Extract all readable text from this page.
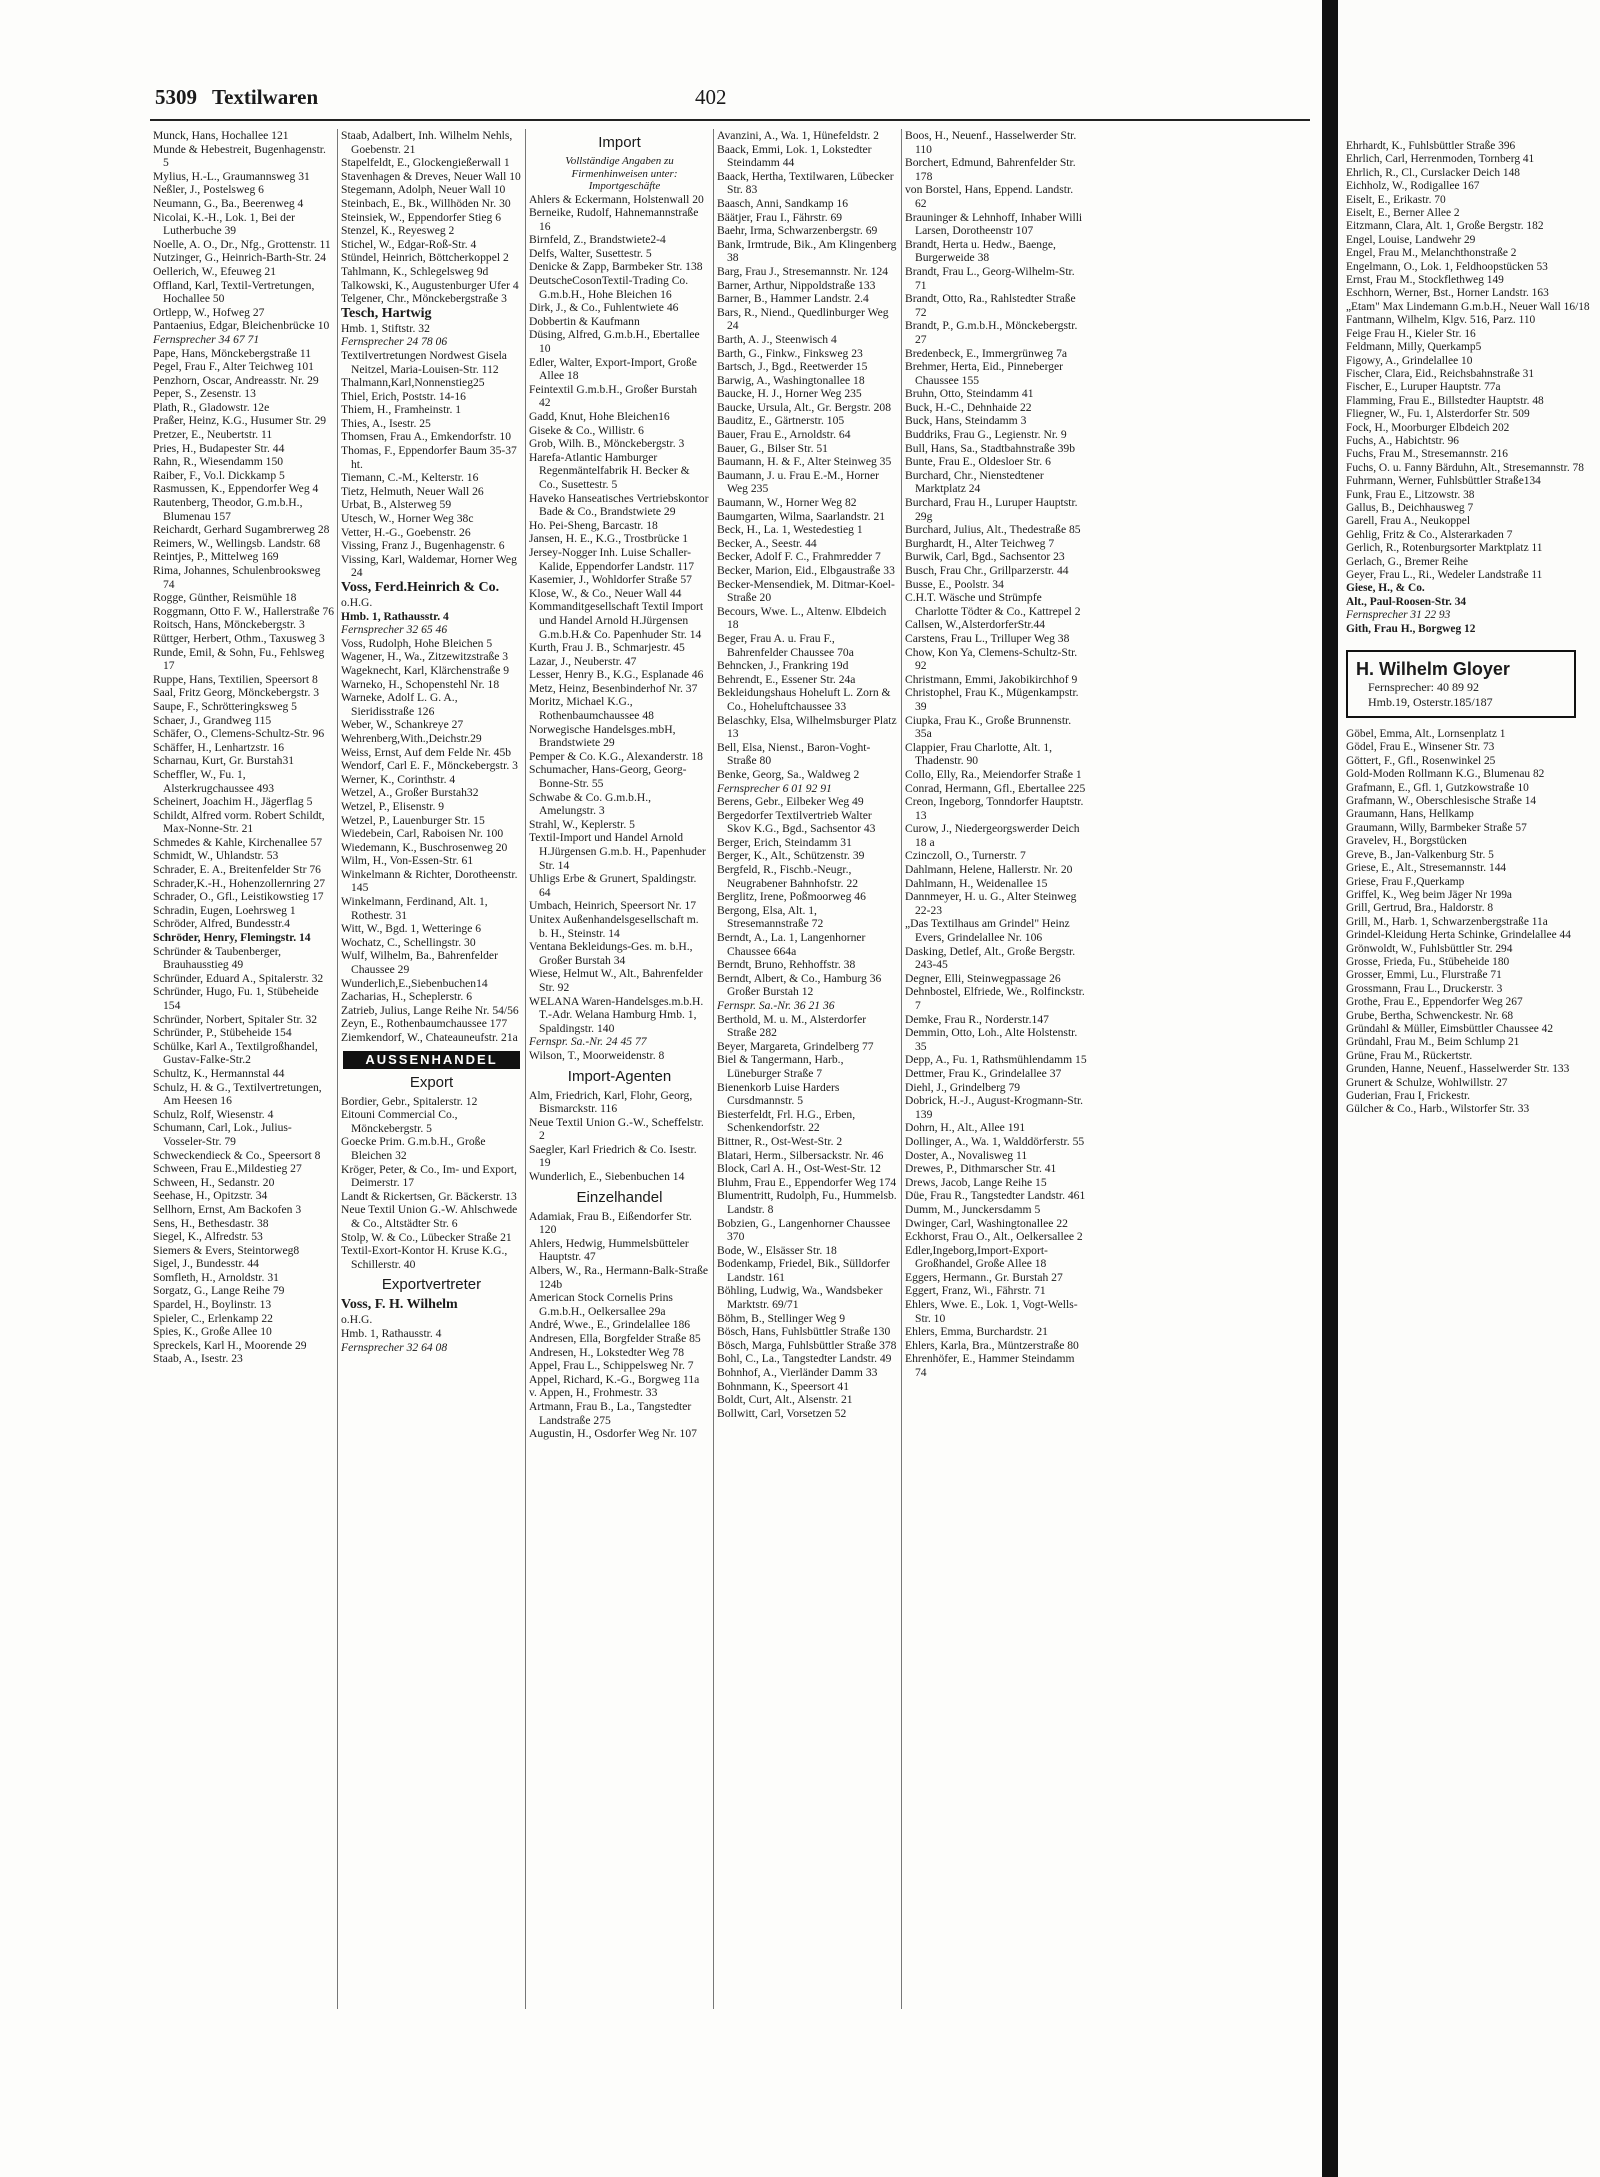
5309 Textilwaren	402

Munck, Hans, Hochallee 121

Munde & Hebestreit, Bugenhagenstr. 5

Mylius, H.-L., Graumannsweg 31

Neßler, J., Postelsweg 6

Neumann, G., Ba., Beerenweg 4

Nicolai, K.-H., Lok. 1, Bei der Lutherbuche 39

Noelle, A. O., Dr., Nfg., Grottenstr. 11

Nutzinger, G., Heinrich-Barth-Str. 24

Oellerich, W., Efeuweg 21

Offland, Karl, Textil-Vertretungen, Hochallee 50

Ortlepp, W., Hofweg 27

Pantaenius, Edgar, Bleichenbrücke 10

Fernsprecher 34 67 71

Pape, Hans, Mönckebergstraße 11

Pegel, Frau F., Alter Teichweg 101

Penzhorn, Oscar, Andreasstr. Nr. 29

Peper, S., Zesenstr. 13

Plath, R., Gladowstr. 12e

Praßer, Heinz, K.G., Husumer Str. 29

Pretzer, E., Neubertstr. 11

Pries, H., Budapester Str. 44

Rahn, R., Wiesendamm 150

Raiber, F., Vo.l. Dickkamp 5

Rasmussen, K., Eppendorfer Weg 4

Rautenberg, Theodor, G.m.b.H., Blumenau 157

Reichardt, Gerhard Sugambrerweg 28

Reimers, W., Wellingsb. Landstr. 68

Reintjes, P., Mittelweg 169

Rima, Johannes, Schulenbrooksweg 74

Rogge, Günther, Reismühle 18

Roggmann, Otto F. W., Hallerstraße 76

Roitsch, Hans, Mönckebergstr. 3

Rüttger, Herbert, Othm., Taxusweg 3

Runde, Emil, & Sohn, Fu., Fehlsweg 17

Ruppe, Hans, Textilien, Speersort 8

Saal, Fritz Georg, Mönckebergstr. 3

Saupe, F., Schrötteringksweg 5

Schaer, J., Grandweg 115

Schäfer, O., Clemens-Schultz-Str. 96

Schäffer, H., Lenhartzstr. 16

Scharnau, Kurt, Gr. Burstah31

Scheffler, W., Fu. 1, Alsterkrugchaussee 493

Scheinert, Joachim H., Jägerflag 5

Schildt, Alfred vorm. Robert Schildt, Max-Nonne-Str. 21

Schmedes & Kahle, Kirchenallee 57

Schmidt, W., Uhlandstr. 53

Schrader, E. A., Breitenfelder Str 76

Schrader,K.-H., Hohenzollernring 27

Schrader, O., Gfl., Leistikowstieg 17

Schradin, Eugen, Loehrsweg 1

Schröder, Alfred, Bundesstr.4

Schröder, Henry, Flemingstr. 14

Schründer & Taubenberger, Brauhausstieg 49

Schründer, Eduard A., Spitalerstr. 32

Schründer, Hugo, Fu. 1, Stübeheide 154

Schründer, Norbert, Spitaler Str. 32

Schründer, P., Stübeheide 154

Schülke, Karl A., Textilgroßhandel, Gustav-Falke-Str.2

Schultz, K., Hermannstal 44

Schulz, H. & G., Textilvertretungen, Am Heesen 16

Schulz, Rolf, Wiesenstr. 4

Schumann, Carl, Lok., Julius-Vosseler-Str. 79

Schweckendieck & Co., Speersort 8

Schween, Frau E.,Mildestieg 27

Schween, H., Sedanstr. 20

Seehase, H., Opitzstr. 34

Sellhorn, Ernst, Am Backofen 3

Sens, H., Bethesdastr. 38

Siegel, K., Alfredstr. 53

Siemers & Evers, Steintorweg8

Sigel, J., Bundesstr. 44

Somfleth, H., Arnoldstr. 31

Sorgatz, G., Lange Reihe 79

Spardel, H., Boylinstr. 13

Spieler, C., Erlenkamp 22

Spies, K., Große Allee 10

Spreckels, Karl H., Moorende 29

Staab, A., Isestr. 23

Staab, Adalbert, Inh. Wilhelm Nehls, Goebenstr. 21

Stapelfeldt, E., Glockengießerwall 1

Stavenhagen & Dreves, Neuer Wall 10

Stegemann, Adolph, Neuer Wall 10

Steinbach, E., Bk., Willhöden Nr. 30

Steinsiek, W., Eppendorfer Stieg 6

Stenzel, K., Reyesweg 2

Stichel, W., Edgar-Roß-Str. 4

Stündel, Heinrich, Böttcherkoppel 2

Tahlmann, K., Schlegelsweg 9d

Talkowski, K., Augustenburger Ufer 4

Telgener, Chr., Mönckebergstraße 3

Tesch, Hartwig

Hmb. 1, Stiftstr. 32

Fernsprecher 24 78 06

Textilvertretungen Nordwest Gisela Neitzel, Maria-Louisen-Str. 112

Thalmann,Karl,Nonnenstieg25

Thiel, Erich, Poststr. 14-16

Thiem, H., Framheinstr. 1

Thies, A., Isestr. 25

Thomsen, Frau A., Emkendorfstr. 10

Thomas, F., Eppendorfer Baum 35-37 ht.

Tiemann, C.-M., Kelterstr. 16

Tietz, Helmuth, Neuer Wall 26

Urbat, B., Alsterweg 59

Utesch, W., Horner Weg 38c

Vetter, H.-G., Goebenstr. 26

Vissing, Franz J., Bugenhagenstr. 6

Vissing, Karl, Waldemar, Horner Weg 24

Voss, Ferd.Heinrich & Co.

o.H.G.

Hmb. 1, Rathausstr. 4

Fernsprecher 32 65 46

Voss, Rudolph, Hohe Bleichen 5

Wagener, H., Wa., Zitzewitzstraße 3

Wageknecht, Karl, Klärchenstraße 9

Warneko, H., Schopenstehl Nr. 18

Warneke, Adolf L. G. A., Sieridisstraße 126

Weber, W., Schankreye 27

Wehrenberg,With.,Deichstr.29

Weiss, Ernst, Auf dem Felde Nr. 45b

Wendorf, Carl E. F., Mönckebergstr. 3

Werner, K., Corinthstr. 4

Wetzel, A., Großer Burstah32

Wetzel, P., Elisenstr. 9

Wetzel, P., Lauenburger Str. 15

Wiedebein, Carl, Raboisen Nr. 100

Wiedemann, K., Buschrosenweg 20

Wilm, H., Von-Essen-Str. 61

Winkelmann & Richter, Dorotheenstr. 145

Winkelmann, Ferdinand, Alt. 1, Rothestr. 31

Witt, W., Bgd. 1, Wetteringe 6

Wochatz, C., Schellingstr. 30

Wulf, Wilhelm, Ba., Bahrenfelder Chaussee 29

Wunderlich,E.,Siebenbuchen14

Zacharias, H., Scheplerstr. 6

Zatrieb, Julius, Lange Reihe Nr. 54/56

Zeyn, E., Rothenbaumchaussee 177

Ziemkendorf, W., Chateauneufstr. 21a

AUSSENHANDEL

Export

Bordier, Gebr., Spitalerstr. 12

Eitouni Commercial Co., Mönckebergstr. 5

Goecke Prim. G.m.b.H., Große Bleichen 32

Kröger, Peter, & Co., Im- und Export, Deimerstr. 17

Landt & Rickertsen, Gr. Bäckerstr. 13

Neue Textil Union G.-W. Ahlschwede & Co., Altstädter Str. 6

Stolp, W. & Co., Lübecker Straße 21

Textil-Exort-Kontor H. Kruse K.G., Schillerstr. 40

Exportvertreter

Voss, F. H. Wilhelm

o.H.G.

Hmb. 1, Rathausstr. 4

Fernsprecher 32 64 08

Import

Vollständige Angaben zu Firmenhinweisen unter: Importgeschäfte

Ahlers & Eckermann, Holstenwall 20

Berneike, Rudolf, Hahnemannstraße 16

Birnfeld, Z., Brandstwiete2-4

Delfs, Walter, Susettestr. 5

Denicke & Zapp, Barmbeker Str. 138

DeutscheCosonTextil-Trading Co. G.m.b.H., Hohe Bleichen 16

Dirk, J., & Co., Fuhlentwiete 46

Dobbertin & Kaufmann

Düsing, Alfred, G.m.b.H., Ebertallee 10

Edler, Walter, Export-Import, Große Allee 18

Feintextil G.m.b.H., Großer Burstah 42

Gadd, Knut, Hohe Bleichen16

Giseke & Co., Willistr. 6

Grob, Wilh. B., Mönckebergstr. 3

Harefa-Atlantic Hamburger Regenmäntelfabrik H. Becker & Co., Susettestr. 5

Haveko Hanseatisches Vertriebskontor Bade & Co., Brandstwiete 29

Ho. Pei-Sheng, Barcastr. 18

Jansen, H. E., K.G., Trostbrücke 1

Jersey-Nogger Inh. Luise Schaller-Kalide, Eppendorfer Landstr. 117

Kasemier, J., Wohldorfer Straße 57

Klose, W., & Co., Neuer Wall 44

Kommanditgesellschaft Textil Import und Handel Arnold H.Jürgensen G.m.b.H.& Co. Papenhuder Str. 14

Kurth, Frau J. B., Schmarjestr. 45

Lazar, J., Neuberstr. 47

Lesser, Henry B., K.G., Esplanade 46

Metz, Heinz, Besenbinderhof Nr. 37

Moritz, Michael K.G., Rothenbaumchaussee 48

Norwegische Handelsges.mbH, Brandstwiete 29

Pemper & Co. K.G., Alexanderstr. 18

Schumacher, Hans-Georg, Georg-Bonne-Str. 55

Schwabe & Co. G.m.b.H., Amelungstr. 3

Strahl, W., Keplerstr. 5

Textil-Import und Handel Arnold H.Jürgensen G.m.b. H., Papenhuder Str. 14

Uhligs Erbe & Grunert, Spaldingstr. 64

Umbach, Heinrich, Speersort Nr. 17

Unitex Außenhandelsgesellschaft m. b. H., Steinstr. 14

Ventana Bekleidungs-Ges. m. b.H., Großer Burstah 34

Wiese, Helmut W., Alt., Bahrenfelder Str. 92

WELANA Waren-Handelsges.m.b.H. T.-Adr. Welana Hamburg Hmb. 1, Spaldingstr. 140

Fernspr. Sa.-Nr. 24 45 77

Wilson, T., Moorweidenstr. 8

Import-Agenten

Alm, Friedrich, Karl, Flohr, Georg, Bismarckstr. 116

Neue Textil Union G.-W., Scheffelstr. 2

Saegler, Karl Friedrich & Co. Isestr. 19

Wunderlich, E., Siebenbuchen 14

Einzelhandel

Adamiak, Frau B., Eißendorfer Str. 120

Ahlers, Hedwig, Hummelsbütteler Hauptstr. 47

Albers, W., Ra., Hermann-Balk-Straße 124b

American Stock Cornelis Prins G.m.b.H., Oelkersallee 29a

André, Wwe., E., Grindelallee 186

Andresen, Ella, Borgfelder Straße 85

Andresen, H., Lokstedter Weg 78

Appel, Frau L., Schippelsweg Nr. 7

Appel, Richard, K.-G., Borgweg 11a

v. Appen, H., Frohmestr. 33

Artmann, Frau B., La., Tangstedter Landstraße 275

Augustin, H., Osdorfer Weg Nr. 107

Avanzini, A., Wa. 1, Hünefeldstr. 2

Baack, Emmi, Lok. 1, Lokstedter Steindamm 44

Baack, Hertha, Textilwaren, Lübecker Str. 83

Baasch, Anni, Sandkamp 16

Bäätjer, Frau I., Fährstr. 69

Baehr, Irma, Schwarzenbergstr. 69

Bank, Irmtrude, Bik., Am Klingenberg 38

Barg, Frau J., Stresemannstr. Nr. 124

Barner, Arthur, Nippoldstraße 133

Barner, B., Hammer Landstr. 2.4

Bars, R., Niend., Quedlinburger Weg 24

Barth, A. J., Steenwisch 4

Barth, G., Finkw., Finksweg 23

Bartsch, J., Bgd., Reetwerder 15

Barwig, A., Washingtonallee 18

Baucke, H. J., Horner Weg 235

Baucke, Ursula, Alt., Gr. Bergstr. 208

Bauditz, E., Gärtnerstr. 105

Bauer, Frau E., Arnoldstr. 64

Bauer, G., Bilser Str. 51

Baumann, H. & F., Alter Steinweg 35

Baumann, J. u. Frau E.-M., Horner Weg 235

Baumann, W., Horner Weg 82

Baumgarten, Wilma, Saarlandstr. 21

Beck, H., La. 1, Westedestieg 1

Becker, A., Seestr. 44

Becker, Adolf F. C., Frahmredder 7

Becker, Marion, Eid., Elbgaustraße 33

Becker-Mensendiek, M. Ditmar-Koel-Straße 20

Becours, Wwe. L., Altenw. Elbdeich 18

Beger, Frau A. u. Frau F., Bahrenfelder Chaussee 70a

Behncken, J., Frankring 19d

Behrendt, E., Essener Str. 24a

Bekleidungshaus Hoheluft L. Zorn & Co., Hoheluftchaussee 33

Belaschky, Elsa, Wilhelmsburger Platz 13

Bell, Elsa, Nienst., Baron-Voght-Straße 80

Benke, Georg, Sa., Waldweg 2

Fernsprecher 6 01 92 91

Berens, Gebr., Eilbeker Weg 49

Bergedorfer Textilvertrieb Walter Skov K.G., Bgd., Sachsentor 43

Berger, Erich, Steindamm 31

Berger, K., Alt., Schützenstr. 39

Bergfeld, R., Fischb.-Neugr., Neugrabener Bahnhofstr. 22

Berglitz, Irene, Poßmoorweg 46

Bergong, Elsa, Alt. 1, Stresemannstraße 72

Berndt, A., La. 1, Langenhorner Chaussee 664a

Berndt, Bruno, Rehhoffstr. 38

Berndt, Albert, & Co., Hamburg 36 Großer Burstah 12

Fernspr. Sa.-Nr. 36 21 36

Berthold, M. u. M., Alsterdorfer Straße 282

Beyer, Margareta, Grindelberg 77

Biel & Tangermann, Harb., Lüneburger Straße 7

Bienenkorb Luise Harders Cursdmannstr. 5

Biesterfeldt, Frl. H.G., Erben, Schenkendorfstr. 22

Bittner, R., Ost-West-Str. 2

Blatari, Herm., Silbersackstr. Nr. 46

Block, Carl A. H., Ost-West-Str. 12

Bluhm, Frau E., Eppendorfer Weg 174

Blumentritt, Rudolph, Fu., Hummelsb. Landstr. 8

Bobzien, G., Langenhorner Chaussee 370

Bode, W., Elsässer Str. 18

Bodenkamp, Friedel, Bik., Sülldorfer Landstr. 161

Böhling, Ludwig, Wa., Wandsbeker Marktstr. 69/71

Böhm, B., Stellinger Weg 9

Bösch, Hans, Fuhlsbüttler Straße 130

Bösch, Marga, Fuhlsbüttler Straße 378

Bohl, C., La., Tangstedter Landstr. 49

Bohnhof, A., Vierländer Damm 33

Bohnmann, K., Speersort 41

Boldt, Curt, Alt., Alsenstr. 21

Bollwitt, Carl, Vorsetzen 52

Boos, H., Neuenf., Hasselwerder Str. 110

Borchert, Edmund, Bahrenfelder Str. 178

von Borstel, Hans, Eppend. Landstr. 62

Brauninger & Lehnhoff, Inhaber Willi Larsen, Dorotheenstr 107

Brandt, Herta u. Hedw., Baenge, Burgerweide 38

Brandt, Frau L., Georg-Wilhelm-Str. 71

Brandt, Otto, Ra., Rahlstedter Straße 72

Brandt, P., G.m.b.H., Mönckebergstr. 27

Bredenbeck, E., Immergrünweg 7a

Brehmer, Herta, Eid., Pinneberger Chaussee 155

Bruhn, Otto, Steindamm 41

Buck, H.-C., Dehnhaide 22

Buck, Hans, Steindamm 3

Buddriks, Frau G., Legienstr. Nr. 9

Bull, Hans, Sa., Stadtbahnstraße 39b

Bunte, Frau E., Oldesloer Str. 6

Burchard, Chr., Nienstedtener Marktplatz 24

Burchard, Frau H., Luruper Hauptstr. 29g

Burchard, Julius, Alt., Thedestraße 85

Burghardt, H., Alter Teichweg 7

Burwik, Carl, Bgd., Sachsentor 23

Busch, Frau Chr., Grillparzerstr. 44

Busse, E., Poolstr. 34

C.H.T. Wäsche und Strümpfe Charlotte Tödter & Co., Kattrepel 2

Callsen, W.,AlsterdorferStr.44

Carstens, Frau L., Trilluper Weg 38

Chow, Kon Ya, Clemens-Schultz-Str. 92

Christmann, Emmi, Jakobikirchhof 9

Christophel, Frau K., Mügenkampstr. 39

Ciupka, Frau K., Große Brunnenstr. 35a

Clappier, Frau Charlotte, Alt. 1, Thadenstr. 90

Collo, Elly, Ra., Meiendorfer Straße 1

Conrad, Hermann, Gfl., Ebertallee 225

Creon, Ingeborg, Tonndorfer Hauptstr. 13

Curow, J., Niedergeorgswerder Deich 18 a

Czinczoll, O., Turnerstr. 7

Dahlmann, Helene, Hallerstr. Nr. 20

Dahlmann, H., Weidenallee 15

Dannmeyer, H. u. G., Alter Steinweg 22-23

„Das Textilhaus am Grindel" Heinz Evers, Grindelallee Nr. 106

Dasking, Detlef, Alt., Große Bergstr. 243-45

Degner, Elli, Steinwegpassage 26

Dehnbostel, Elfriede, We., Rolfinckstr. 7

Demke, Frau R., Norderstr.147

Demmin, Otto, Loh., Alte Holstenstr. 35

Depp, A., Fu. 1, Rathsmühlendamm 15

Dettmer, Frau K., Grindelallee 37

Diehl, J., Grindelberg 79

Dobrick, H.-J., August-Krogmann-Str. 139

Dohrn, H., Alt., Allee 191

Dollinger, A., Wa. 1, Walddörferstr. 55

Doster, A., Novalisweg 11

Drewes, P., Dithmarscher Str. 41

Drews, Jacob, Lange Reihe 15

Düe, Frau R., Tangstedter Landstr. 461

Dumm, M., Junckersdamm 5

Dwinger, Carl, Washingtonallee 22

Eckhorst, Frau O., Alt., Oelkersallee 2

Edler,Ingeborg,Import-Export-Großhandel, Große Allee 18

Eggers, Hermann., Gr. Burstah 27

Eggert, Franz, Wi., Fährstr. 71

Ehlers, Wwe. E., Lok. 1, Vogt-Wells-Str. 10

Ehlers, Emma, Burchardstr. 21

Ehlers, Karla, Bra., Müntzerstraße 80

Ehrenhöfer, E., Hammer Steindamm 74

Ehrhardt, K., Fuhlsbüttler Straße 396

Ehrlich, Carl, Herrenmoden, Tornberg 41

Ehrlich, R., Cl., Curslacker Deich 148

Eichholz, W., Rodigallee 167

Eiselt, E., Erikastr. 70

Eiselt, E., Berner Allee 2

Eitzmann, Clara, Alt. 1, Große Bergstr. 182

Engel, Louise, Landwehr 29

Engel, Frau M., Melanchthonstraße 2

Engelmann, O., Lok. 1, Feldhoopstücken 53

Ernst, Frau M., Stockflethweg 149

Eschhorn, Werner, Bst., Horner Landstr. 163

„Etam" Max Lindemann G.m.b.H., Neuer Wall 16/18

Fantmann, Wilhelm, Klgv. 516, Parz. 110

Feige Frau H., Kieler Str. 16

Feldmann, Milly, Querkamp5

Figowy, A., Grindelallee 10

Fischer, Clara, Eid., Reichsbahnstraße 31

Fischer, E., Luruper Hauptstr. 77a

Flamming, Frau E., Billstedter Hauptstr. 48

Fliegner, W., Fu. 1, Alsterdorfer Str. 509

Fock, H., Moorburger Elbdeich 202

Fuchs, A., Habichtstr. 96

Fuchs, Frau M., Stresemannstr. 216

Fuchs, O. u. Fanny Bärduhn, Alt., Stresemannstr. 78

Fuhrmann, Werner, Fuhlsbüttler Straße134

Funk, Frau E., Litzowstr. 38

Gallus, B., Deichhausweg 7

Garell, Frau A., Neukoppel

Gehlig, Fritz & Co., Alsterarkaden 7

Gerlich, R., Rotenburgsorter Marktplatz 11

Gerlach, G., Bremer Reihe

Geyer, Frau L., Ri., Wedeler Landstraße 11

Giese, H., & Co.

Alt., Paul-Roosen-Str. 34

Fernsprecher 31 22 93

Gith, Frau H., Borgweg 12

H. Wilhelm Gloyer
Fernsprecher: 40 89 92
Hmb.19, Osterstr.185/187

Göbel, Emma, Alt., Lornsenplatz 1

Gödel, Frau E., Winsener Str. 73

Göttert, F., Gfl., Rosenwinkel 25

Gold-Moden Rollmann K.G., Blumenau 82

Grafmann, E., Gfl. 1, Gutzkowstraße 10

Grafmann, W., Oberschlesische Straße 14

Graumann, Hans, Hellkamp

Graumann, Willy, Barmbeker Straße 57

Gravelev, H., Borgstücken

Greve, B., Jan-Valkenburg Str. 5

Griese, E., Alt., Stresemannstr. 144

Griese, Frau F.,Querkamp

Griffel, K., Weg beim Jäger Nr 199a

Grill, Gertrud, Bra., Haldorstr. 8

Grill, M., Harb. 1, Schwarzenbergstraße 11a

Grindel-Kleidung Herta Schinke, Grindelallee 44

Grönwoldt, W., Fuhlsbüttler Str. 294

Grosse, Frieda, Fu., Stübeheide 180

Grosser, Emmi, Lu., Flurstraße 71

Grossmann, Frau L., Druckerstr. 3

Grothe, Frau E., Eppendorfer Weg 267

Grube, Bertha, Schwenckestr. Nr. 68

Gründahl & Müller, Eimsbüttler Chaussee 42

Gründahl, Frau M., Beim Schlump 21

Grüne, Frau M., Rückertstr.

Grunden, Hanne, Neuenf., Hasselwerder Str. 133

Grunert & Schulze, Wohlwillstr. 27

Guderian, Frau I, Frickestr.

Gülcher & Co., Harb., Wilstorfer Str. 33
